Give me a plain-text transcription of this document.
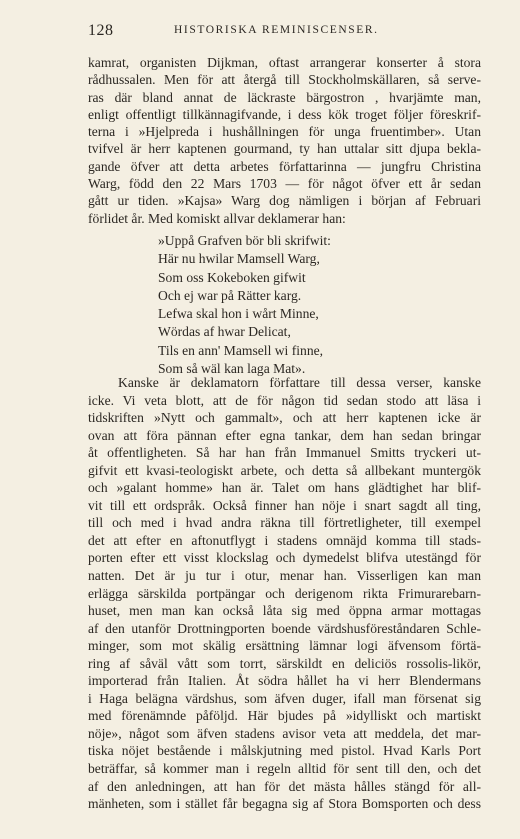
128	HISTORISKA REMINISCENSER.
kamrat, organisten Dijkman, oftast arrangerar konserter å stora
rådhussalen. Men för att återgå till Stockholmskällaren, så serve-
ras där bland annat de läckraste bärgostron , hvarjämte man,
enligt offentligt tillkännagifvande, i dess kök troget följer föreskrif-
terna i »Hjelpreda i hushållningen för unga fruentimber». Utan
tvifvel är herr kaptenen gourmand, ty han uttalar sitt djupa bekla-
gande öfver att detta arbetes författarinna — jungfru Christina
Warg, född den 22 Mars 1703 — för något öfver ett år sedan
gått ur tiden. »Kajsa» Warg dog nämligen i början af Februari
förlidet år. Med komiskt allvar deklamerar han:
»Uppå Grafven bör bli skrifwit:
Här nu hwilar Mamsell Warg,
Som oss Kokeboken gifwit
Och ej war på Rätter karg.
Lefwa skal hon i wårt Minne,
Wördas af hwar Delicat,
Tils en ann' Mamsell wi finne,
Som så wäl kan laga Mat».
Kanske är deklamatorn författare till dessa verser, kanske
icke. Vi veta blott, att de för någon tid sedan stodo att läsa i
tidskriften »Nytt och gammalt», och att herr kaptenen icke är
ovan att föra pännan efter egna tankar, dem han sedan bringar
åt offentligheten. Så har han från Immanuel Smitts tryckeri ut-
gifvit ett kvasi-teologiskt arbete, och detta så allbekant muntergök
och »galant homme» han är. Talet om hans glädtighet har blif-
vit till ett ordspråk. Också finner han nöje i snart sagdt all ting,
till och med i hvad andra räkna till förtretligheter, till exempel
det att efter en aftonutflygt i stadens omnäjd komma till stads-
porten efter ett visst klockslag och dymedelst blifva utestängd för
natten. Det är ju tur i otur, menar han. Visserligen kan man
erlägga särskilda portpängar och derigenom rikta Frimurarebarn-
huset, men man kan också låta sig med öppna armar mottagas
af den utanför Drottningporten boende värdshusföreståndaren Schle-
minger, som mot skälig ersättning lämnar logi äfvensom förtä-
ring af såväl vått som torrt, särskildt en deliciös rossolis-likör,
importerad från Italien. Åt södra hållet ha vi herr Blendermans
i Haga belägna värdshus, som äfven duger, ifall man försenat sig
med förenämnde påföljd. Här bjudes på »idylliskt och martiskt
nöje», något som äfven stadens avisor veta att meddela, det mar-
tiska nöjet bestående i målskjutning med pistol. Hvad Karls Port
beträffar, så kommer man i regeln alltid för sent till den, och det
af den anledningen, att han för det mästa hålles stängd för all-
mänheten, som i stället får begagna sig af Stora Bomsporten och dess
